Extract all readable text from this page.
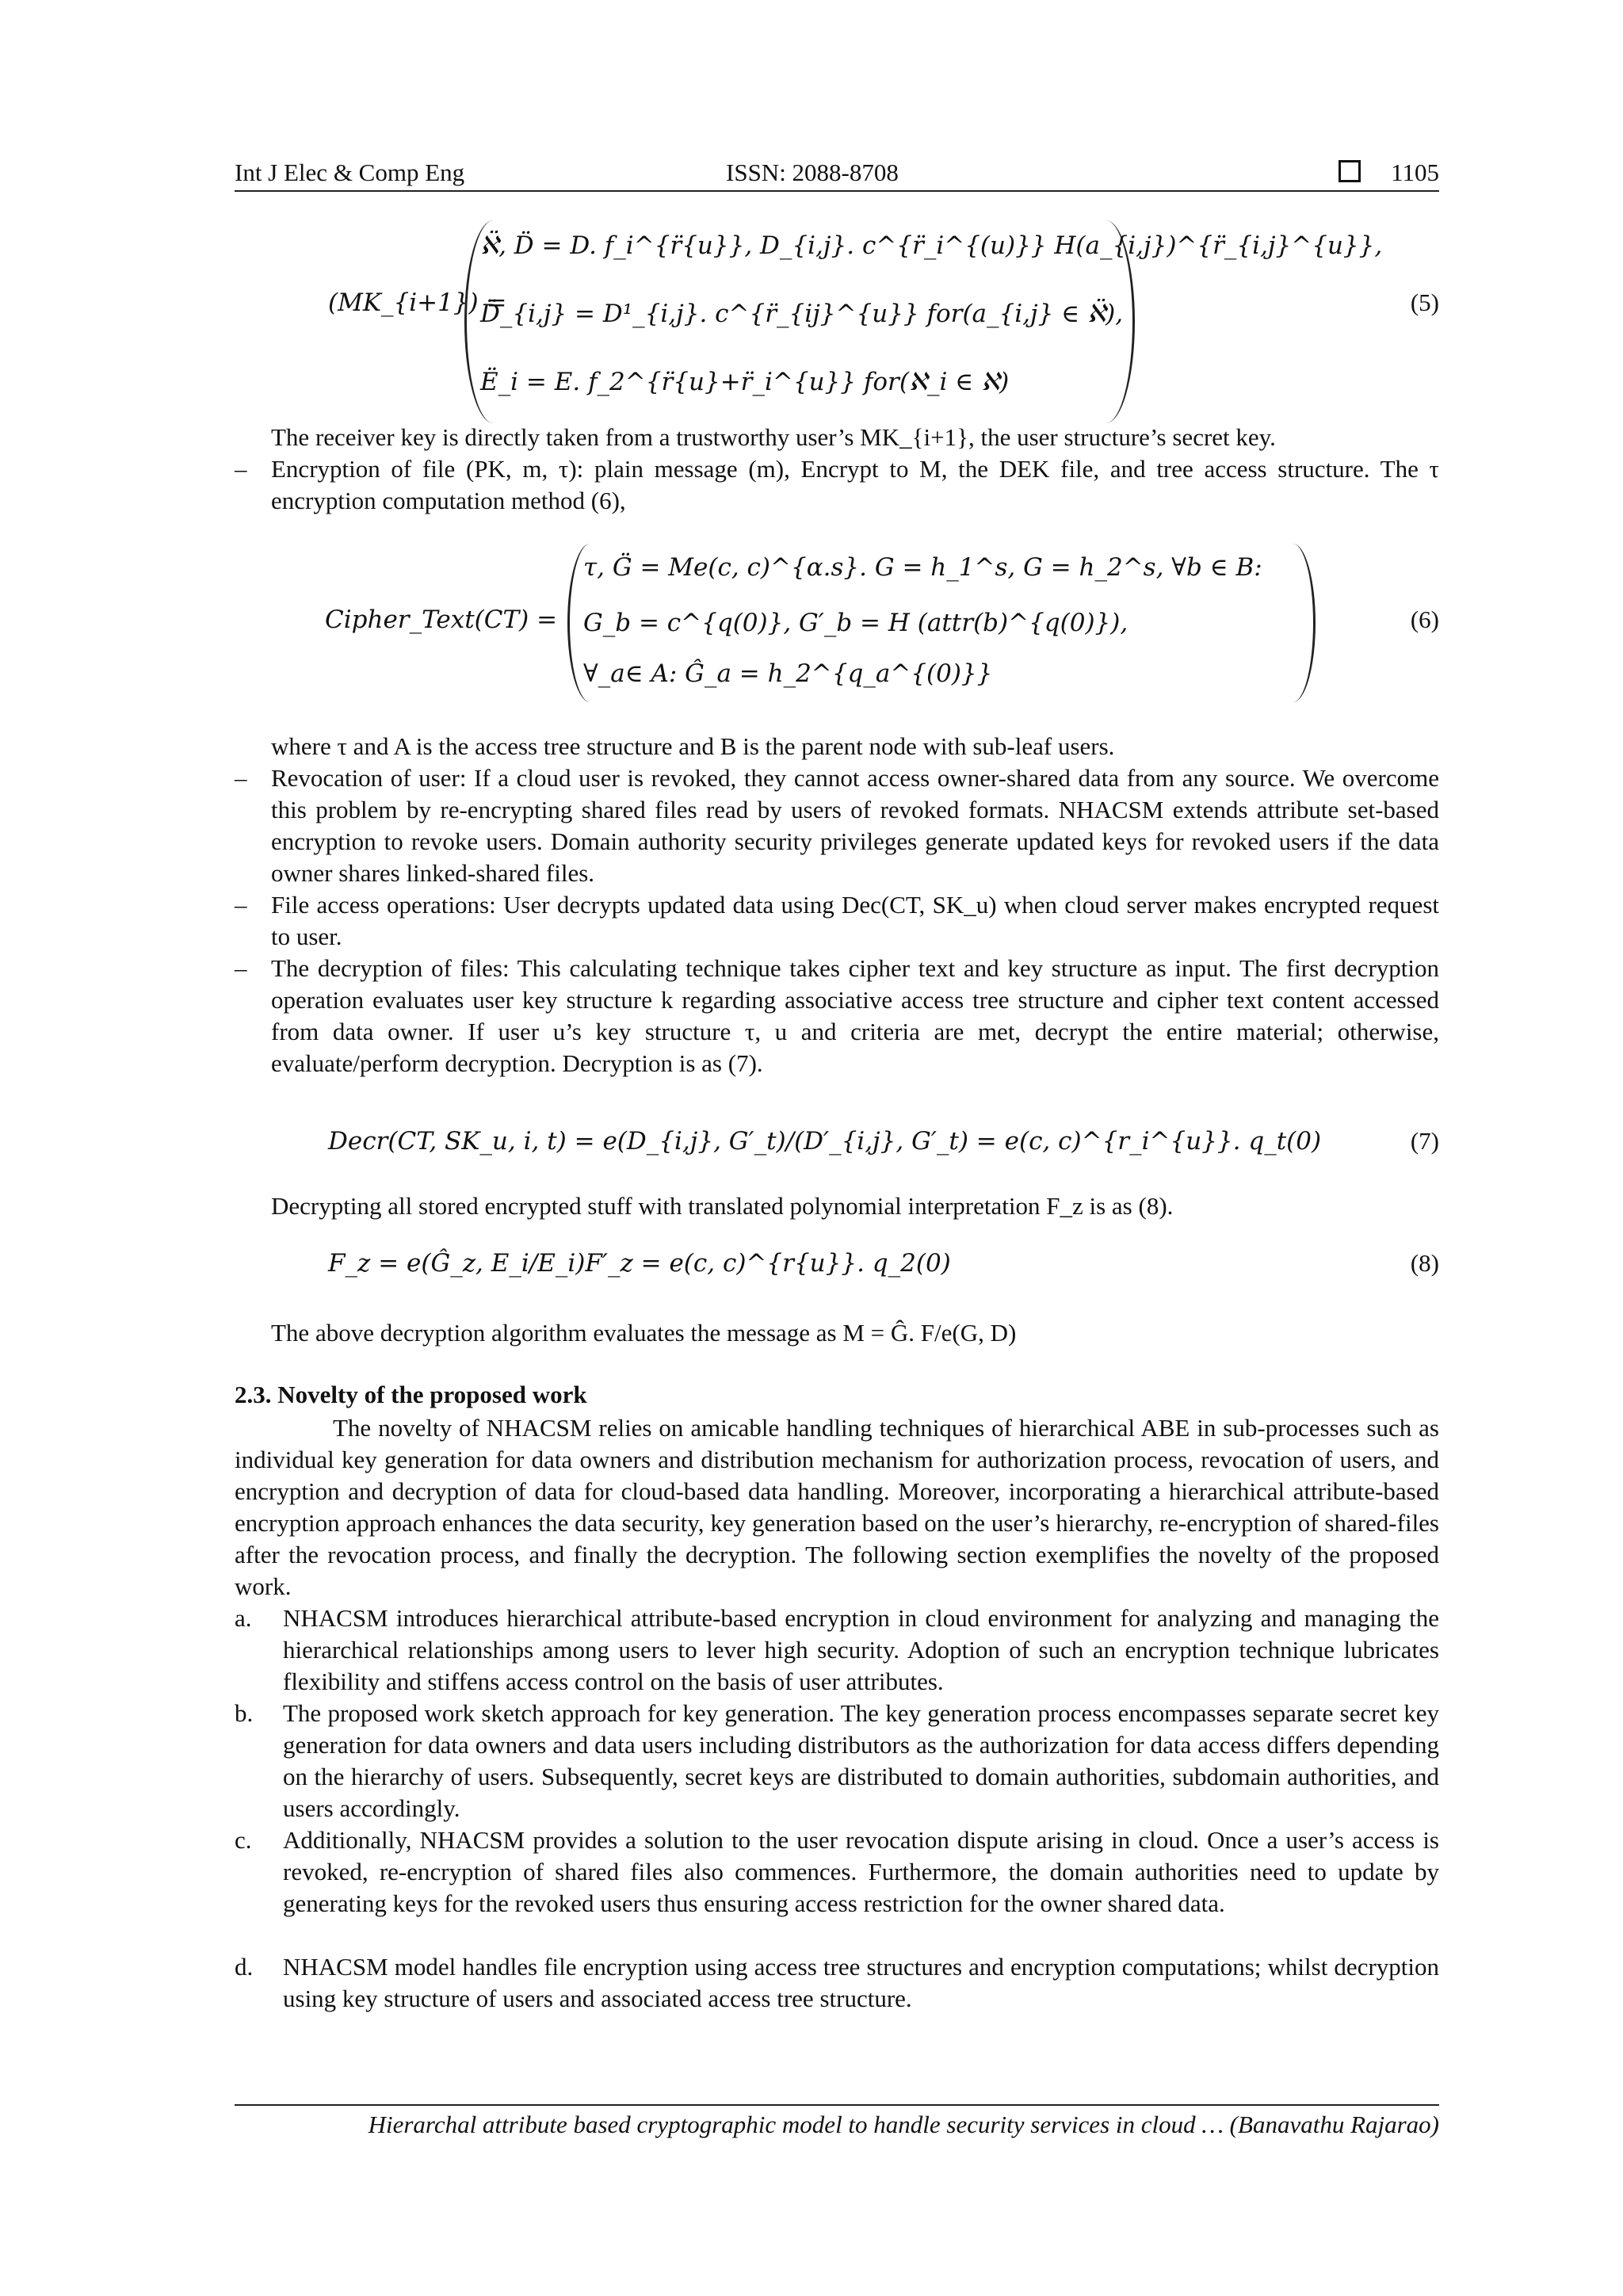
Int J Elec & Comp Eng	ISSN: 2088-8708	1105
(MK_{i+1}) =
ℵ̈, D̈ = D. f_i^{r̈{u}}, D_{i,j}. c^{r̈_i^{(u)}} H(a_{i,j})^{r̈_{i,j}^{u}},
D̈_{i,j} = D¹_{i,j}. c^{r̈_{ij}^{u}} for(a_{i,j} ∈ ℵ̈),
Ë_i = E. f_2^{r̈{u}+r̈_i^{u}} for(ℵ_i ∈ ℵ)
(5)
The receiver key is directly taken from a trustworthy user’s MK_{i+1}, the user structure’s secret key.
– Encryption of file (PK, m, τ): plain message (m), Encrypt to M, the DEK file, and tree access structure. The τ encryption computation method (6),
Cipher_Text(CT) =
τ, G̈ = Me(c, c)^{α.s}. G = h_1^s, G = h_2^s, ∀b ∈ B:
G_b = c^{q(0)}, G′_b = H (attr(b)^{q(0)}),
∀_a∈ A: Ĝ_a = h_2^{q_a^{(0)}}
(6)
where τ and A is the access tree structure and B is the parent node with sub-leaf users.
– Revocation of user: If a cloud user is revoked, they cannot access owner-shared data from any source. We overcome this problem by re-encrypting shared files read by users of revoked formats. NHACSM extends attribute set-based encryption to revoke users. Domain authority security privileges generate updated keys for revoked users if the data owner shares linked-shared files.
– File access operations: User decrypts updated data using Dec(CT, SK_u) when cloud server makes encrypted request to user.
– The decryption of files: This calculating technique takes cipher text and key structure as input. The first decryption operation evaluates user key structure k regarding associative access tree structure and cipher text content accessed from data owner. If user u’s key structure τ, u and criteria are met, decrypt the entire material; otherwise, evaluate/perform decryption. Decryption is as (7).
Decr(CT, SK_u, i, t) = e(D_{i,j}, G′_t)/(D′_{i,j}, G′_t) = e(c, c)^{r_i^{u}}. q_t(0)	(7)
Decrypting all stored encrypted stuff with translated polynomial interpretation F_z is as (8).
F_z = e(Ĝ_z, E_i/E_i)F′_z = e(c, c)^{r{u}}. q_2(0)	(8)
The above decryption algorithm evaluates the message as M = Ĝ. F/e(G, D)
2.3. Novelty of the proposed work
The novelty of NHACSM relies on amicable handling techniques of hierarchical ABE in sub-processes such as individual key generation for data owners and distribution mechanism for authorization process, revocation of users, and encryption and decryption of data for cloud-based data handling. Moreover, incorporating a hierarchical attribute-based encryption approach enhances the data security, key generation based on the user’s hierarchy, re-encryption of shared-files after the revocation process, and finally the decryption. The following section exemplifies the novelty of the proposed work.
a. NHACSM introduces hierarchical attribute-based encryption in cloud environment for analyzing and managing the hierarchical relationships among users to lever high security. Adoption of such an encryption technique lubricates flexibility and stiffens access control on the basis of user attributes.
b. The proposed work sketch approach for key generation. The key generation process encompasses separate secret key generation for data owners and data users including distributors as the authorization for data access differs depending on the hierarchy of users. Subsequently, secret keys are distributed to domain authorities, subdomain authorities, and users accordingly.
c. Additionally, NHACSM provides a solution to the user revocation dispute arising in cloud. Once a user’s access is revoked, re-encryption of shared files also commences. Furthermore, the domain authorities need to update by generating keys for the revoked users thus ensuring access restriction for the owner shared data.
d. NHACSM model handles file encryption using access tree structures and encryption computations; whilst decryption using key structure of users and associated access tree structure.
Hierarchal attribute based cryptographic model to handle security services in cloud … (Banavathu Rajarao)
